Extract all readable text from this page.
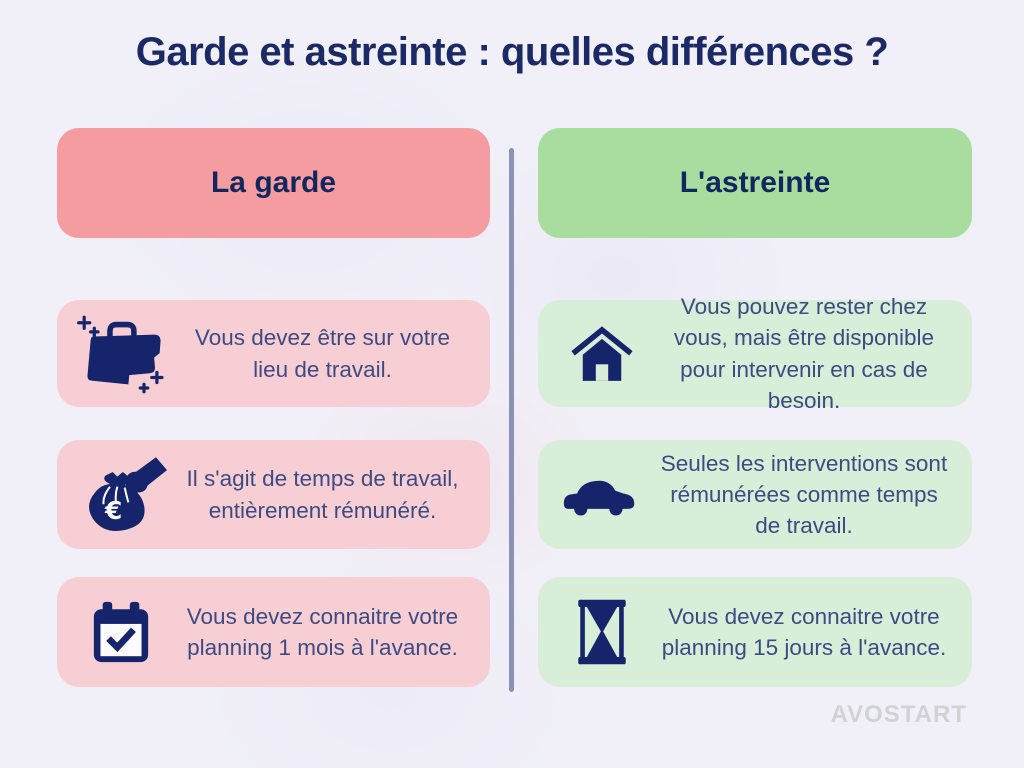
Garde et astreinte : quelles différences ?
La garde	L'astreinte

Vous devez être sur votre lieu de travail.

Vous pouvez rester chez vous, mais être disponible pour intervenir en cas de besoin.

€

Il s'agit de temps de travail, entièrement rémunéré.

Seules les interventions sont rémunérées comme temps de travail.

Vous devez connaitre votre planning 1 mois à l'avance.

Vous devez connaitre votre planning 15 jours à l'avance.

AVOSTART
